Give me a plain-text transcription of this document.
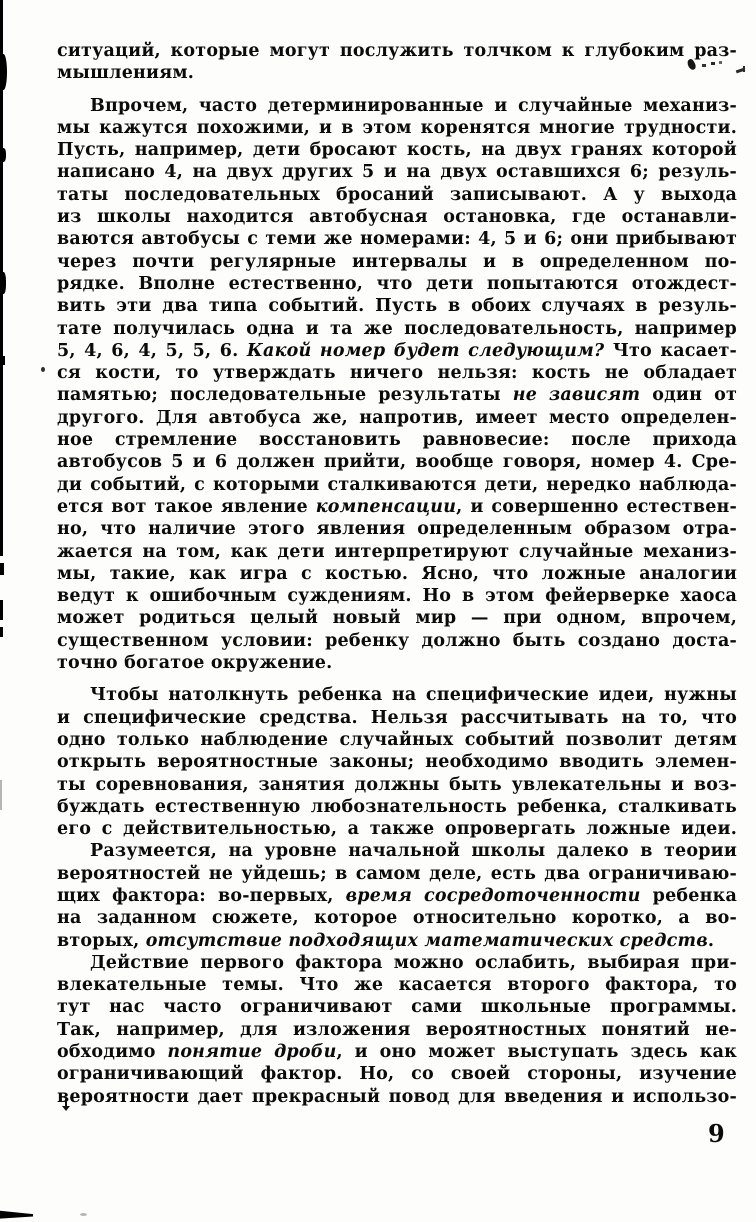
ситуаций, которые могут послужить толчком к глубоким раз-
мышлениям.
Впрочем, часто детерминированные и случайные механиз-
мы кажутся похожими, и в этом коренятся многие трудности.
Пусть, например, дети бросают кость, на двух гранях которой
написано 4, на двух других 5 и на двух оставшихся 6; резуль-
таты последовательных бросаний записывают. А у выхода
из школы находится автобусная остановка, где останавли-
ваются автобусы с теми же номерами: 4, 5 и 6; они прибывают
через почти регулярные интервалы и в определенном по-
рядке. Вполне естественно, что дети попытаются отождест-
вить эти два типа событий. Пусть в обоих случаях в резуль-
тате получилась одна и та же последовательность, например
5, 4, 6, 4, 5, 5, 6. Какой номер будет следующим? Что касает-
ся кости, то утверждать ничего нельзя: кость не обладает
памятью; последовательные результаты не зависят один от
другого. Для автобуса же, напротив, имеет место определен-
ное стремление восстановить равновесие: после прихода
автобусов 5 и 6 должен прийти, вообще говоря, номер 4. Сре-
ди событий, с которыми сталкиваются дети, нередко наблюда-
ется вот такое явление компенсации, и совершенно естествен-
но, что наличие этого явления определенным образом отра-
жается на том, как дети интерпретируют случайные механиз-
мы, такие, как игра с костью. Ясно, что ложные аналогии
ведут к ошибочным суждениям. Но в этом фейерверке хаоса
может родиться целый новый мир — при одном, впрочем,
существенном условии: ребенку должно быть создано доста-
точно богатое окружение.
Чтобы натолкнуть ребенка на специфические идеи, нужны
и специфические средства. Нельзя рассчитывать на то, что
одно только наблюдение случайных событий позволит детям
открыть вероятностные законы; необходимо вводить элемен-
ты соревнования, занятия должны быть увлекательны и воз-
буждать естественную любознательность ребенка, сталкивать
его с действительностью, а также опровергать ложные идеи.
Разумеется, на уровне начальной школы далеко в теории
вероятностей не уйдешь; в самом деле, есть два ограничиваю-
щих фактора: во-первых, время сосредоточенности ребенка
на заданном сюжете, которое относительно коротко, а во-
вторых, отсутствие подходящих математических средств.
Действие первого фактора можно ослабить, выбирая при-
влекательные темы. Что же касается второго фактора, то
тут нас часто ограничивают сами школьные программы.
Так, например, для изложения вероятностных понятий не-
обходимо понятие дроби, и оно может выступать здесь как
ограничивающий фактор. Но, со своей стороны, изучение
вероятности дает прекрасный повод для введения и использо-
9
